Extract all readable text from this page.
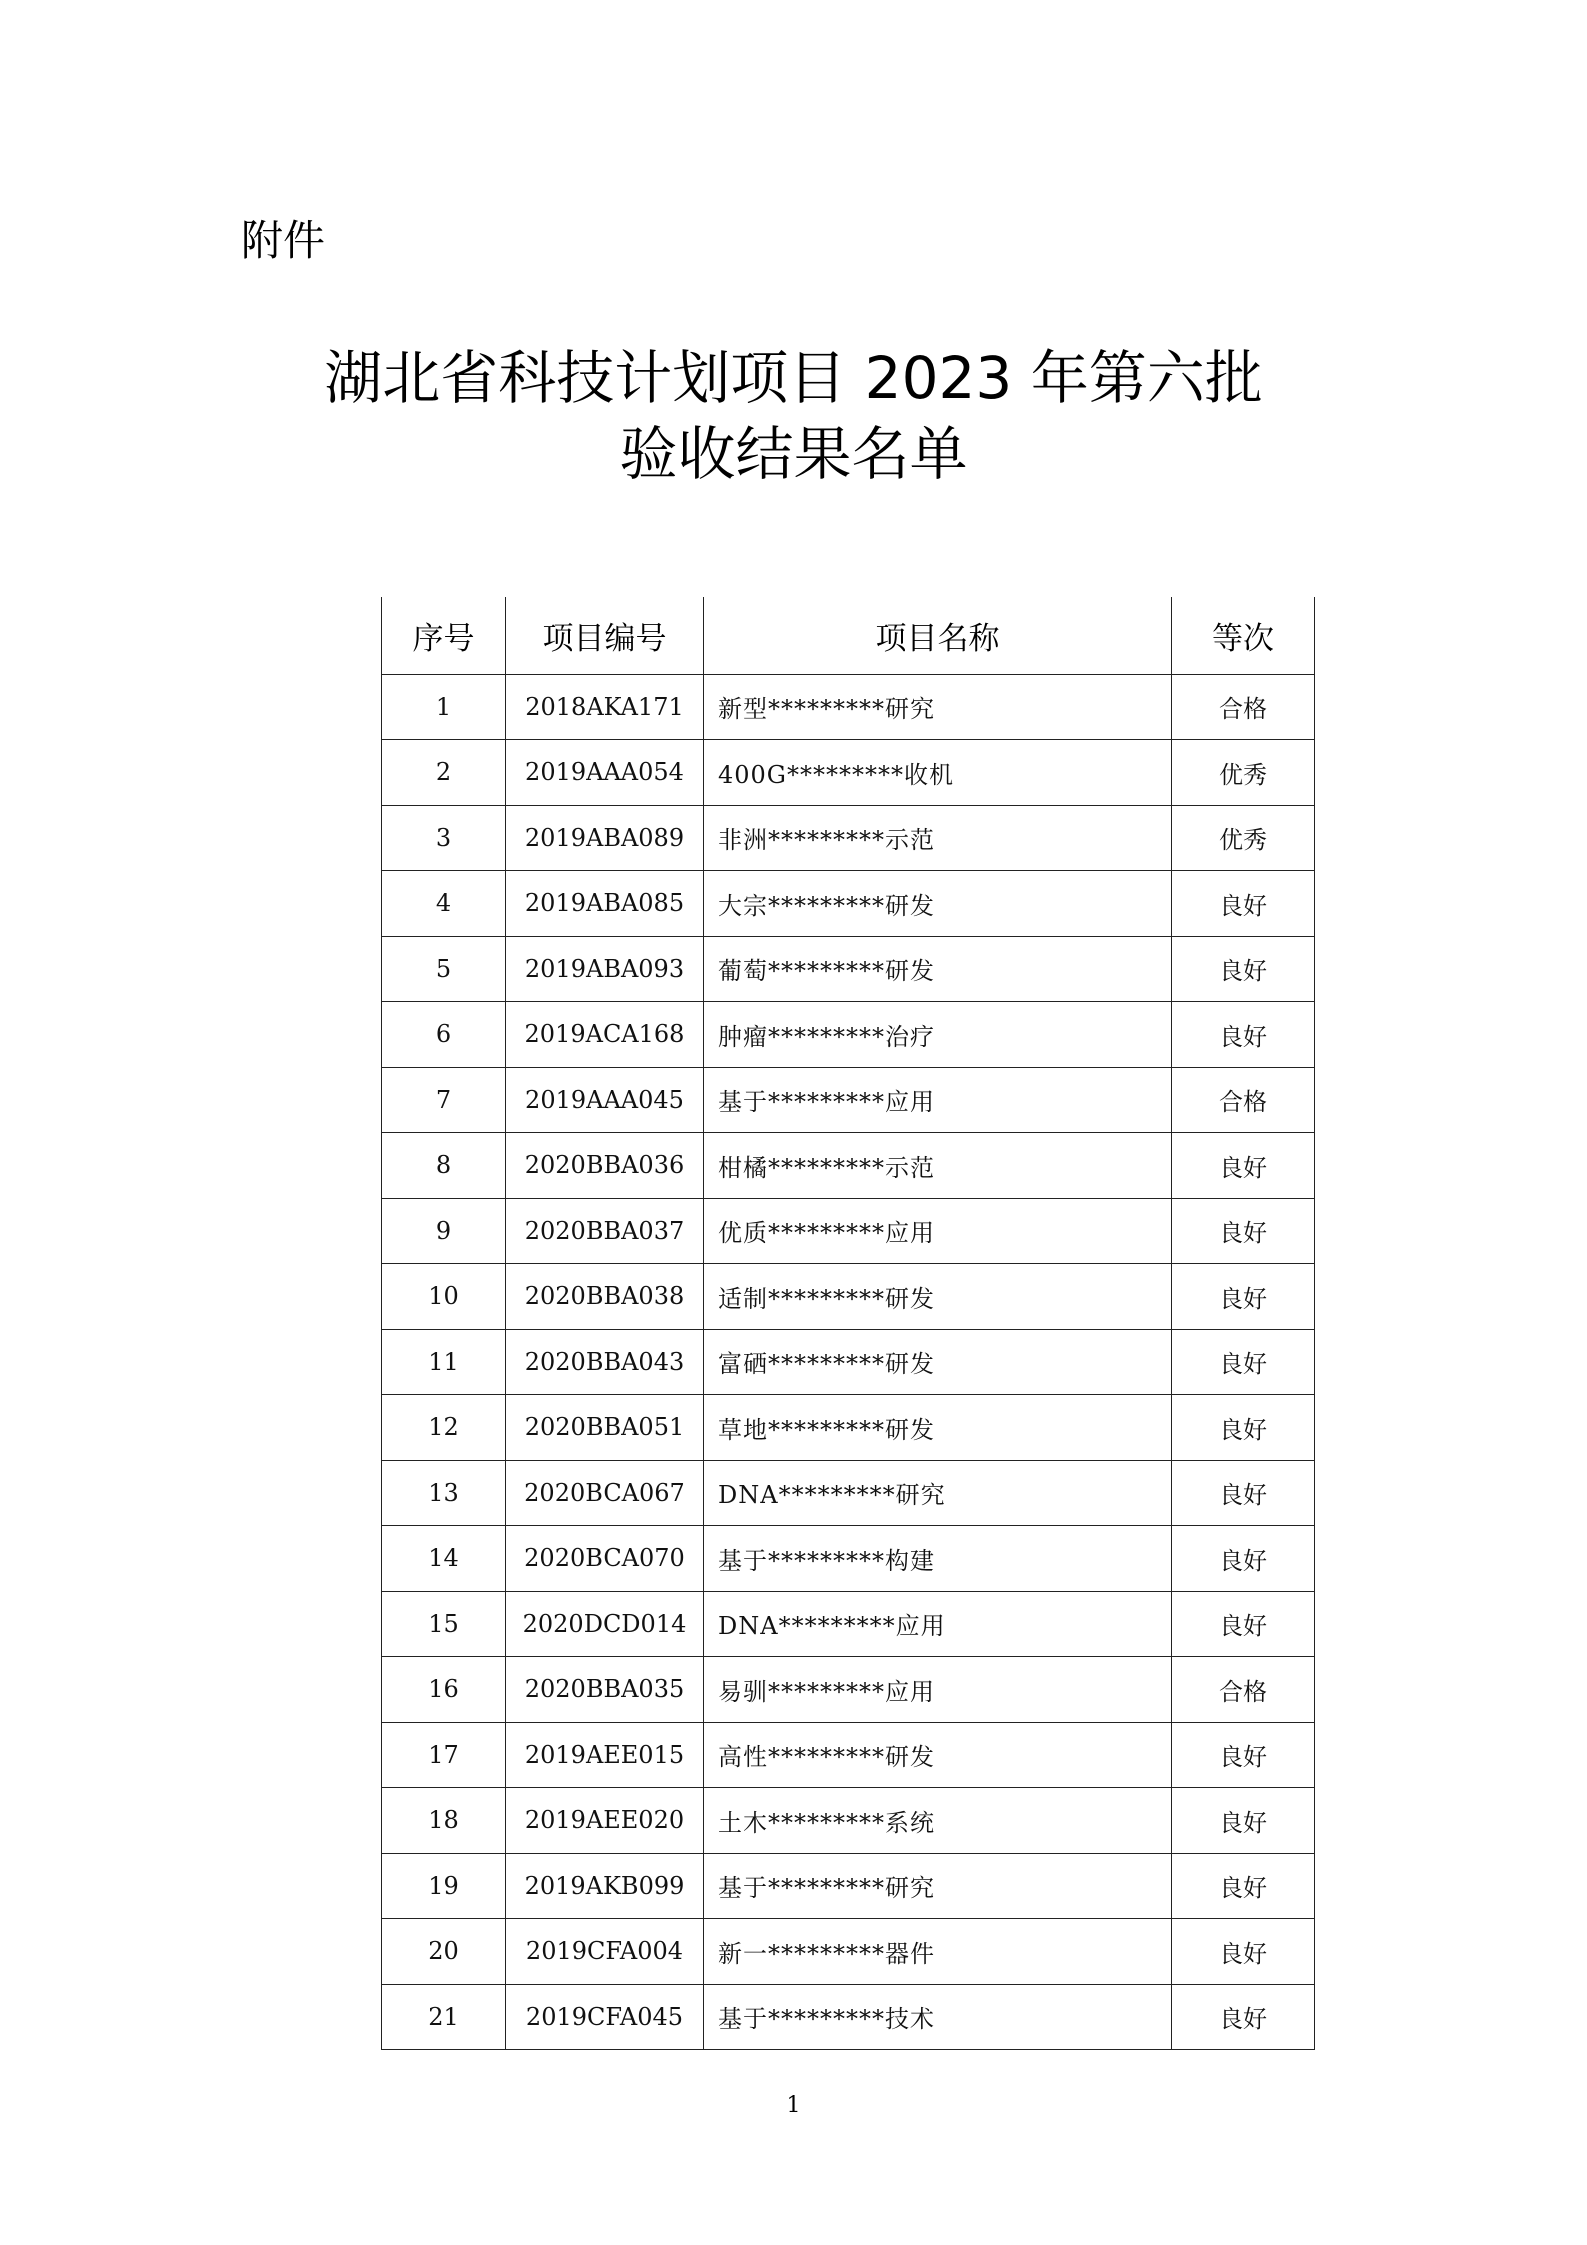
附件
湖北省科技计划项目 2023 年第六批
验收结果名单
序号	项目编号	项目名称	等次
1	2018AKA171	新型*********研究	合格
2	2019AAA054	400G*********收机	优秀
3	2019ABA089	非洲*********示范	优秀
4	2019ABA085	大宗*********研发	良好
5	2019ABA093	葡萄*********研发	良好
6	2019ACA168	肿瘤*********治疗	良好
7	2019AAA045	基于*********应用	合格
8	2020BBA036	柑橘*********示范	良好
9	2020BBA037	优质*********应用	良好
10	2020BBA038	适制*********研发	良好
11	2020BBA043	富硒*********研发	良好
12	2020BBA051	草地*********研发	良好
13	2020BCA067	DNA*********研究	良好
14	2020BCA070	基于*********构建	良好
15	2020DCD014	DNA*********应用	良好
16	2020BBA035	易驯*********应用	合格
17	2019AEE015	高性*********研发	良好
18	2019AEE020	土木*********系统	良好
19	2019AKB099	基于*********研究	良好
20	2019CFA004	新一*********器件	良好
21	2019CFA045	基于*********技术	良好
1
